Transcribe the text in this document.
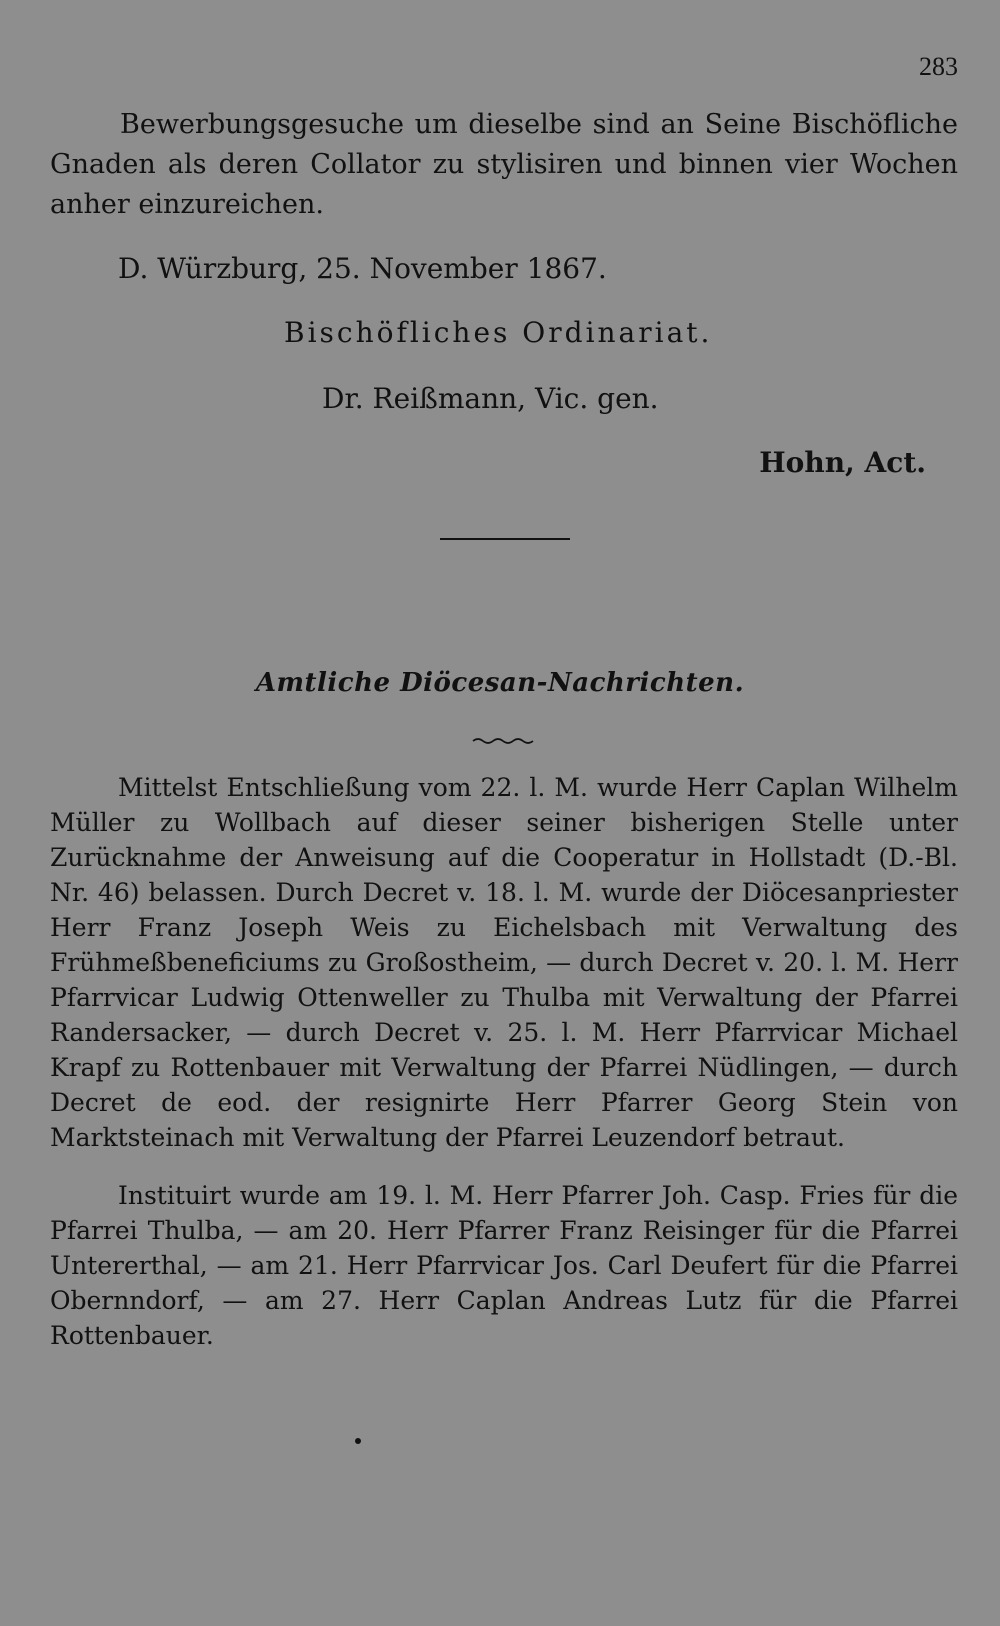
283
Bewerbungsgesuche um dieselbe sind an Seine Bischöfliche Gnaden als deren Collator zu stylisiren und binnen vier Wochen anher einzureichen.
D. Würzburg, 25. November 1867.
Bischöfliches Ordinariat.
Dr. Reißmann, Vic. gen.
Hohn, Act.
Amtliche Diöcesan-Nachrichten.
Mittelst Entschließung vom 22. l. M. wurde Herr Caplan Wilhelm Müller zu Wollbach auf dieser seiner bisherigen Stelle unter Zurücknahme der Anweisung auf die Cooperatur in Hollstadt (D.-Bl. Nr. 46) belassen. Durch Decret v. 18. l. M. wurde der Diöcesanpriester Herr Franz Joseph Weis zu Eichelsbach mit Verwaltung des Frühmeßbeneficiums zu Großostheim, — durch Decret v. 20. l. M. Herr Pfarrvicar Ludwig Ottenweller zu Thulba mit Verwaltung der Pfarrei Randersacker, — durch Decret v. 25. l. M. Herr Pfarrvicar Michael Krapf zu Rottenbauer mit Verwaltung der Pfarrei Nüdlingen, — durch Decret de eod. der resignirte Herr Pfarrer Georg Stein von Marktsteinach mit Verwaltung der Pfarrei Leuzendorf betraut.
Instituirt wurde am 19. l. M. Herr Pfarrer Joh. Casp. Fries für die Pfarrei Thulba, — am 20. Herr Pfarrer Franz Reisinger für die Pfarrei Untererthal, — am 21. Herr Pfarrvicar Jos. Carl Deufert für die Pfarrei Obernndorf, — am 27. Herr Caplan Andreas Lutz für die Pfarrei Rottenbauer.
